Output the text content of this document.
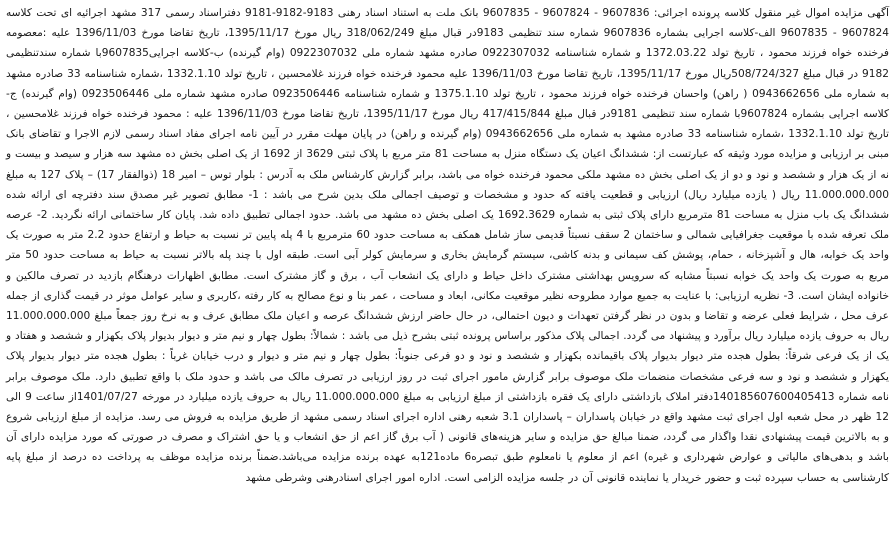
آگهی مزایده اموال غیر منقول کلاسه پرونده اجرائی: 9607836 - 9607824 - 9607835 بانک ملت به استناد اسناد رهنی 9183-9182-9181 دفتراسناد رسمی 317 مشهد اجرائیه ای تحت کلاسه 9607824 - 9607835 الف-کلاسه اجرایی بشماره 9607836 شماره سند تنظیمی 9183در قبال مبلغ 318/062/249 ریال مورخ 1395/11/17، تاریخ تقاضا مورخ 1396/11/03 علیه :معصومه فرخنده خواه فرزند محمود ، تاریخ تولد 1372.03.22 و شماره شناسنامه 0922307032 صادره مشهد شماره ملی 0922307032 (وام گیرنده) ب-کلاسه اجرایی9607835با شماره سندتنظیمی 9182 در قبال مبلغ 508/724/327ریال مورخ 1395/11/17، تاریخ تقاضا مورخ 1396/11/03 علیه محمود فرخنده خواه فرزند غلامحسین ، تاریخ تولد 1332.1.10 ،شماره شناسنامه 33 صادره مشهد به شماره ملی 0943662656 ( راهن) واحسان فرخنده خواه فرزند محمود ، تاریخ تولد 1375.1.10 و شماره شناسنامه 0923506446 صادره مشهد شماره ملی 0923506446 (وام گیرنده) ج-کلاسه اجرایی بشماره 9607824با شماره سند تنظیمی 9181در قبال مبلغ 417/415/844 ریال مورخ 1395/11/17، تاریخ تقاضا مورخ 1396/11/03 علیه : محمود فرخنده خواه فرزند غلامحسین ، تاریخ تولد 1332.1.10 ،شماره شناسنامه 33 صادره مشهد به شماره ملی 0943662656 (وام گیرنده و راهن) در پایان مهلت مقرر در آیین نامه اجرای مفاد اسناد رسمی لازم الاجرا و تقاضای بانک مبنی بر ارزیابی و مزایده مورد وثیقه که عبارتست از: ششدانگ اعیان یک دستگاه منزل به مساحت 81 متر مربع با پلاک ثبتی 3629 از 1692 از یک اصلی بخش ده مشهد سه هزار و سیصد و بیست و نه از یک هزار و ششصد و نود و دو از یک اصلی بخش ده مشهد ملکی محمود فرخنده خواه می باشد، برابر گزارش کارشناس ملک به آدرس : بلوار توس – امیر 18 (ذوالفقار 17) – پلاک 127 به مبلغ 11.000.000.000 ریال ( یازده میلیارد ریال) ارزیابی و قطعیت یافته که حدود و مشخصات و توصیف اجمالی ملک بدین شرح می باشد : 1- مطابق تصویر غیر مصدق سند دفترچه ای ارائه شده ششدانگ یک باب منزل به مساحت 81 مترمربع دارای پلاک ثبتی به شماره 1692.3629 یک اصلی بخش ده مشهد می باشد. حدود اجمالی تطبیق داده شد. پایان کار ساختمانی ارائه نگردید. 2- عرصه ملک تعرفه شده با موقعیت جغرافیایی شمالی و ساختمان 2 سقف نسبتاً قدیمی ساز شامل همکف به مساحت حدود 60 مترمربع با 4 پله پایین تر نسبت به حیاط و ارتفاع حدود 2.2 متر به صورت یک واحد یک خوابه، هال و آشپزخانه ، حمام، پوشش کف سیمانی و بدنه کاشی، سیستم گرمایش بخاری و سرمایش کولر آبی است. طبقه اول با چند پله بالاتر نسبت به حیاط به مساحت حدود 50 متر مربع به صورت یک واحد یک خوابه نسبتاً مشابه که سرویس بهداشتی مشترک داخل حیاط و دارای یک انشعاب آب ، برق و گاز مشترک است. مطابق اظهارات درهنگام بازدید در تصرف مالکین و خانواده ایشان است. 3- نظریه ارزیابی: با عنایت به جمیع موارد مطروحه نظیر موقعیت مکانی، ابعاد و مساحت ، عمر بنا و نوع مصالح به کار رفته ،کاربری و سایر عوامل موثر در قیمت گذاری از جمله عرف محل ، شرایط فعلی عرضه و تقاضا و بدون در نظر گرفتن تعهدات و دیون احتمالی، در حال حاضر ارزش ششدانگ عرصه و اعیان ملک مطابق عرف و به نرخ روز جمعاً مبلغ 11.000.000.000 ریال به حروف یازده میلیارد ریال برآورد و پیشنهاد می گردد. اجمالی پلاک مذکور براساس پرونده ثبتی بشرح ذیل می باشد : شمالاً: بطول چهار و نیم متر و دیوار بدیوار پلاک بکهزار و ششصد و هفتاد و یک از یک فرعی شرقاً: بطول هجده متر دیوار بدیوار پلاک باقیمانده بکهزار و ششصد و نود و دو فرعی جنوباً: بطول چهار و نیم متر و دیوار و درب خیابان غرباً : بطول هجده متر دیوار بدیوار پلاک یکهزار و ششصد و نود و سه فرعی مشخصات منضمات ملک موصوف برابر گزارش مامور اجرای ثبت در روز ارزیابی در تصرف مالک می باشد و حدود ملک با واقع تطبیق دارد. ملک موصوف برابر نامه شماره 140185607600405413دفتر املاک بازداشتی دارای یک فقره بازداشتی از مبلغ ارزیابی به مبلغ 11.000.000.000 ریال به حروف یازده میلیارد در مورخه 1401/07/27از ساعت 9 الی 12 ظهر در محل شعبه اول اجرای ثبت مشهد واقع در خیابان پاسداران – پاسداران 3.1 شعبه رهنی اداره اجرای اسناد رسمی مشهد از طریق مزایده به فروش می رسد. مزایده از مبلغ ارزیابی شروع و به بالاترین قیمت پیشنهادی نقدا واگذار می گردد، ضمنا مبالغ حق مزایده و سایر هزینه‌های قانونی ( آب برق گاز اعم از حق انشعاب و یا حق اشتراک و مصرف در صورتی که مورد مزایده دارای آن باشد و بدهی‌های مالیاتی و عوارض شهرداری و غیره) اعم از معلوم یا نامعلوم طبق تبصره6 ماده121به عهده برنده مزایده می‌باشد.ضمناً برنده مزایده موظف به پرداخت ده درصد از مبلغ پایه کارشناسی به حساب سپرده ثبت و حضور خریدار یا نماینده قانونی آن در جلسه مزایده الزامی است. اداره امور اجرای اسنادرهنی وشرطی مشهد
